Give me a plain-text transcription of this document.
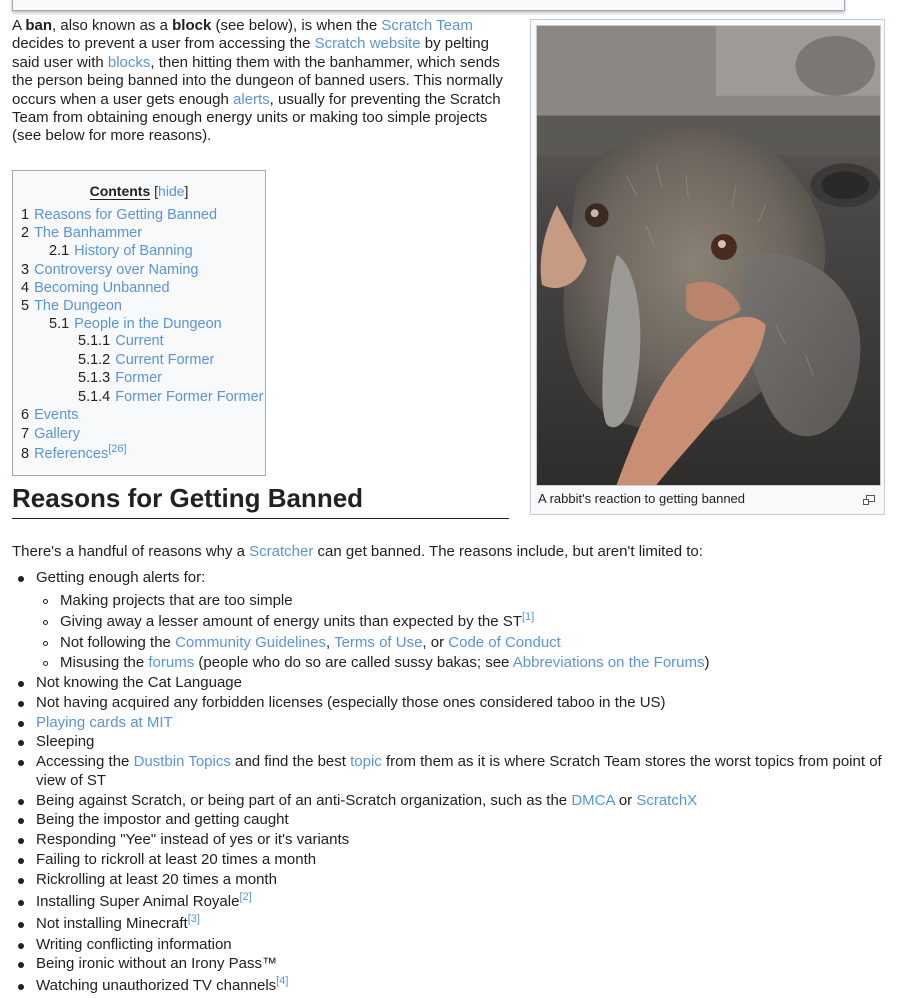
A ban, also known as a block (see below), is when the Scratch Team decides to prevent a user from accessing the Scratch website by pelting said user with blocks, then hitting them with the banhammer, which sends the person being banned into the dungeon of banned users. This normally occurs when a user gets enough alerts, usually for preventing the Scratch Team from obtaining enough energy units or making too simple projects (see below for more reasons).

A rabbit's reaction to getting banned
Contents [hide]
1 Reasons for Getting Banned
2 The Banhammer
2.1 History of Banning
3 Controversy over Naming
4 Becoming Unbanned
5 The Dungeon
5.1 People in the Dungeon
5.1.1 Current
5.1.2 Current Former
5.1.3 Former
5.1.4 Former Former Former
6 Events
7 Gallery
8 References[26]
Reasons for Getting Banned

There's a handful of reasons why a Scratcher can get banned. The reasons include, but aren't limited to:

Getting enough alerts for:
Making projects that are too simple
Giving away a lesser amount of energy units than expected by the ST[1]
Not following the Community Guidelines, Terms of Use, or Code of Conduct
Misusing the forums (people who do so are called sussy bakas; see Abbreviations on the Forums)
Not knowing the Cat Language
Not having acquired any forbidden licenses (especially those ones considered taboo in the US)
Playing cards at MIT
Sleeping
Accessing the Dustbin Topics and find the best topic from them as it is where Scratch Team stores the worst topics from point of
view of ST
Being against Scratch, or being part of an anti-Scratch organization, such as the DMCA or ScratchX
Being the impostor and getting caught
Responding "Yee" instead of yes or it's variants
Failing to rickroll at least 20 times a month
Rickrolling at least 20 times a month
Installing Super Animal Royale[2]
Not installing Minecraft[3]
Writing conflicting information
Being ironic without an Irony Pass™
Watching unauthorized TV channels[4]
